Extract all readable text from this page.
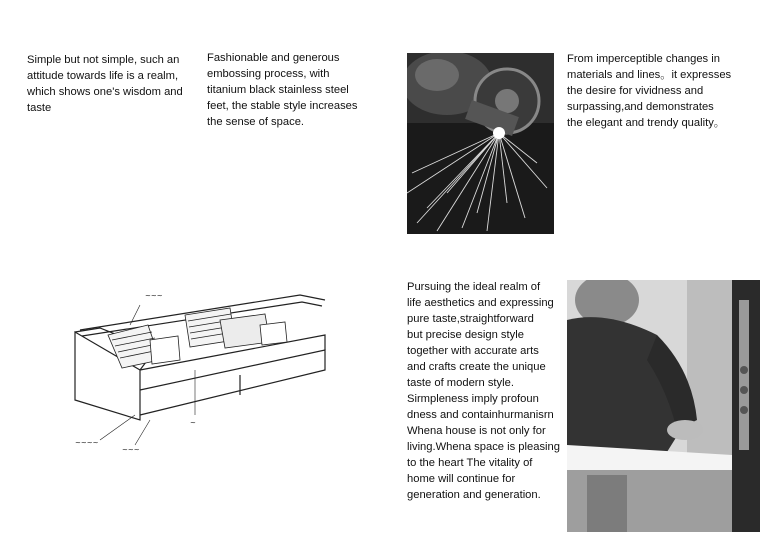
Simple but not simple, such an
attitude towards life is a realm,
which shows one's wisdom and
taste
Fashionable and generous
embossing process, with
titanium black stainless steel
feet, the stable style increases
the sense of space.
From imperceptible changes in
materials and lines。it expresses
the desire for vividness and
surpassing,and demonstrates
the elegant and trendy quality。
Pursuing the ideal realm of
life aesthetics and expressing
pure taste,straightforward
but precise design style
together with accurate arts
and crafts create the unique
taste of modern style.
Sirmpleness imply profoun
dness and containhurmanisrn
Whena house is not only for
living.Whena space is pleasing
to the heart The vitality of
home will continue for
generation and generation.
~~~
~
~~~~
~~~
